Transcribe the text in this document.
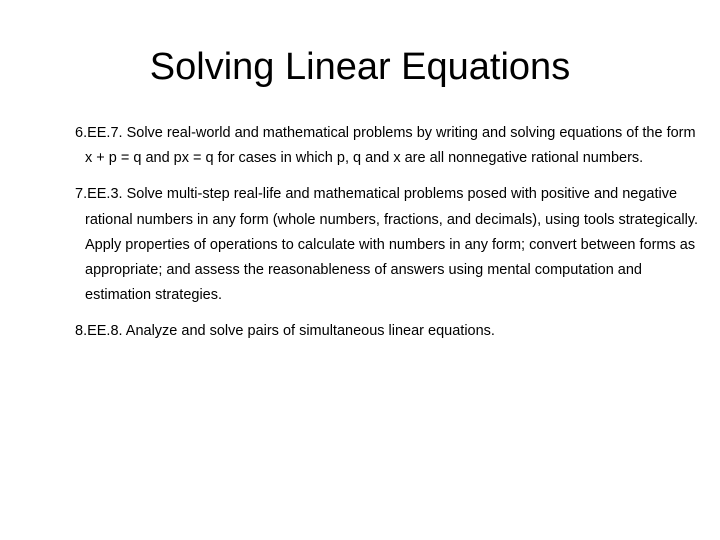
Solving Linear Equations
6.EE.7. Solve real-world and mathematical problems by writing and solving equations of the form x + p = q and px = q for cases in which p, q and x are all nonnegative rational numbers.
7.EE.3. Solve multi-step real-life and mathematical problems posed with positive and negative rational numbers in any form (whole numbers, fractions, and decimals), using tools strategically. Apply properties of operations to calculate with numbers in any form; convert between forms as appropriate; and assess the reasonableness of answers using mental computation and estimation strategies.
8.EE.8. Analyze and solve pairs of simultaneous linear equations.
